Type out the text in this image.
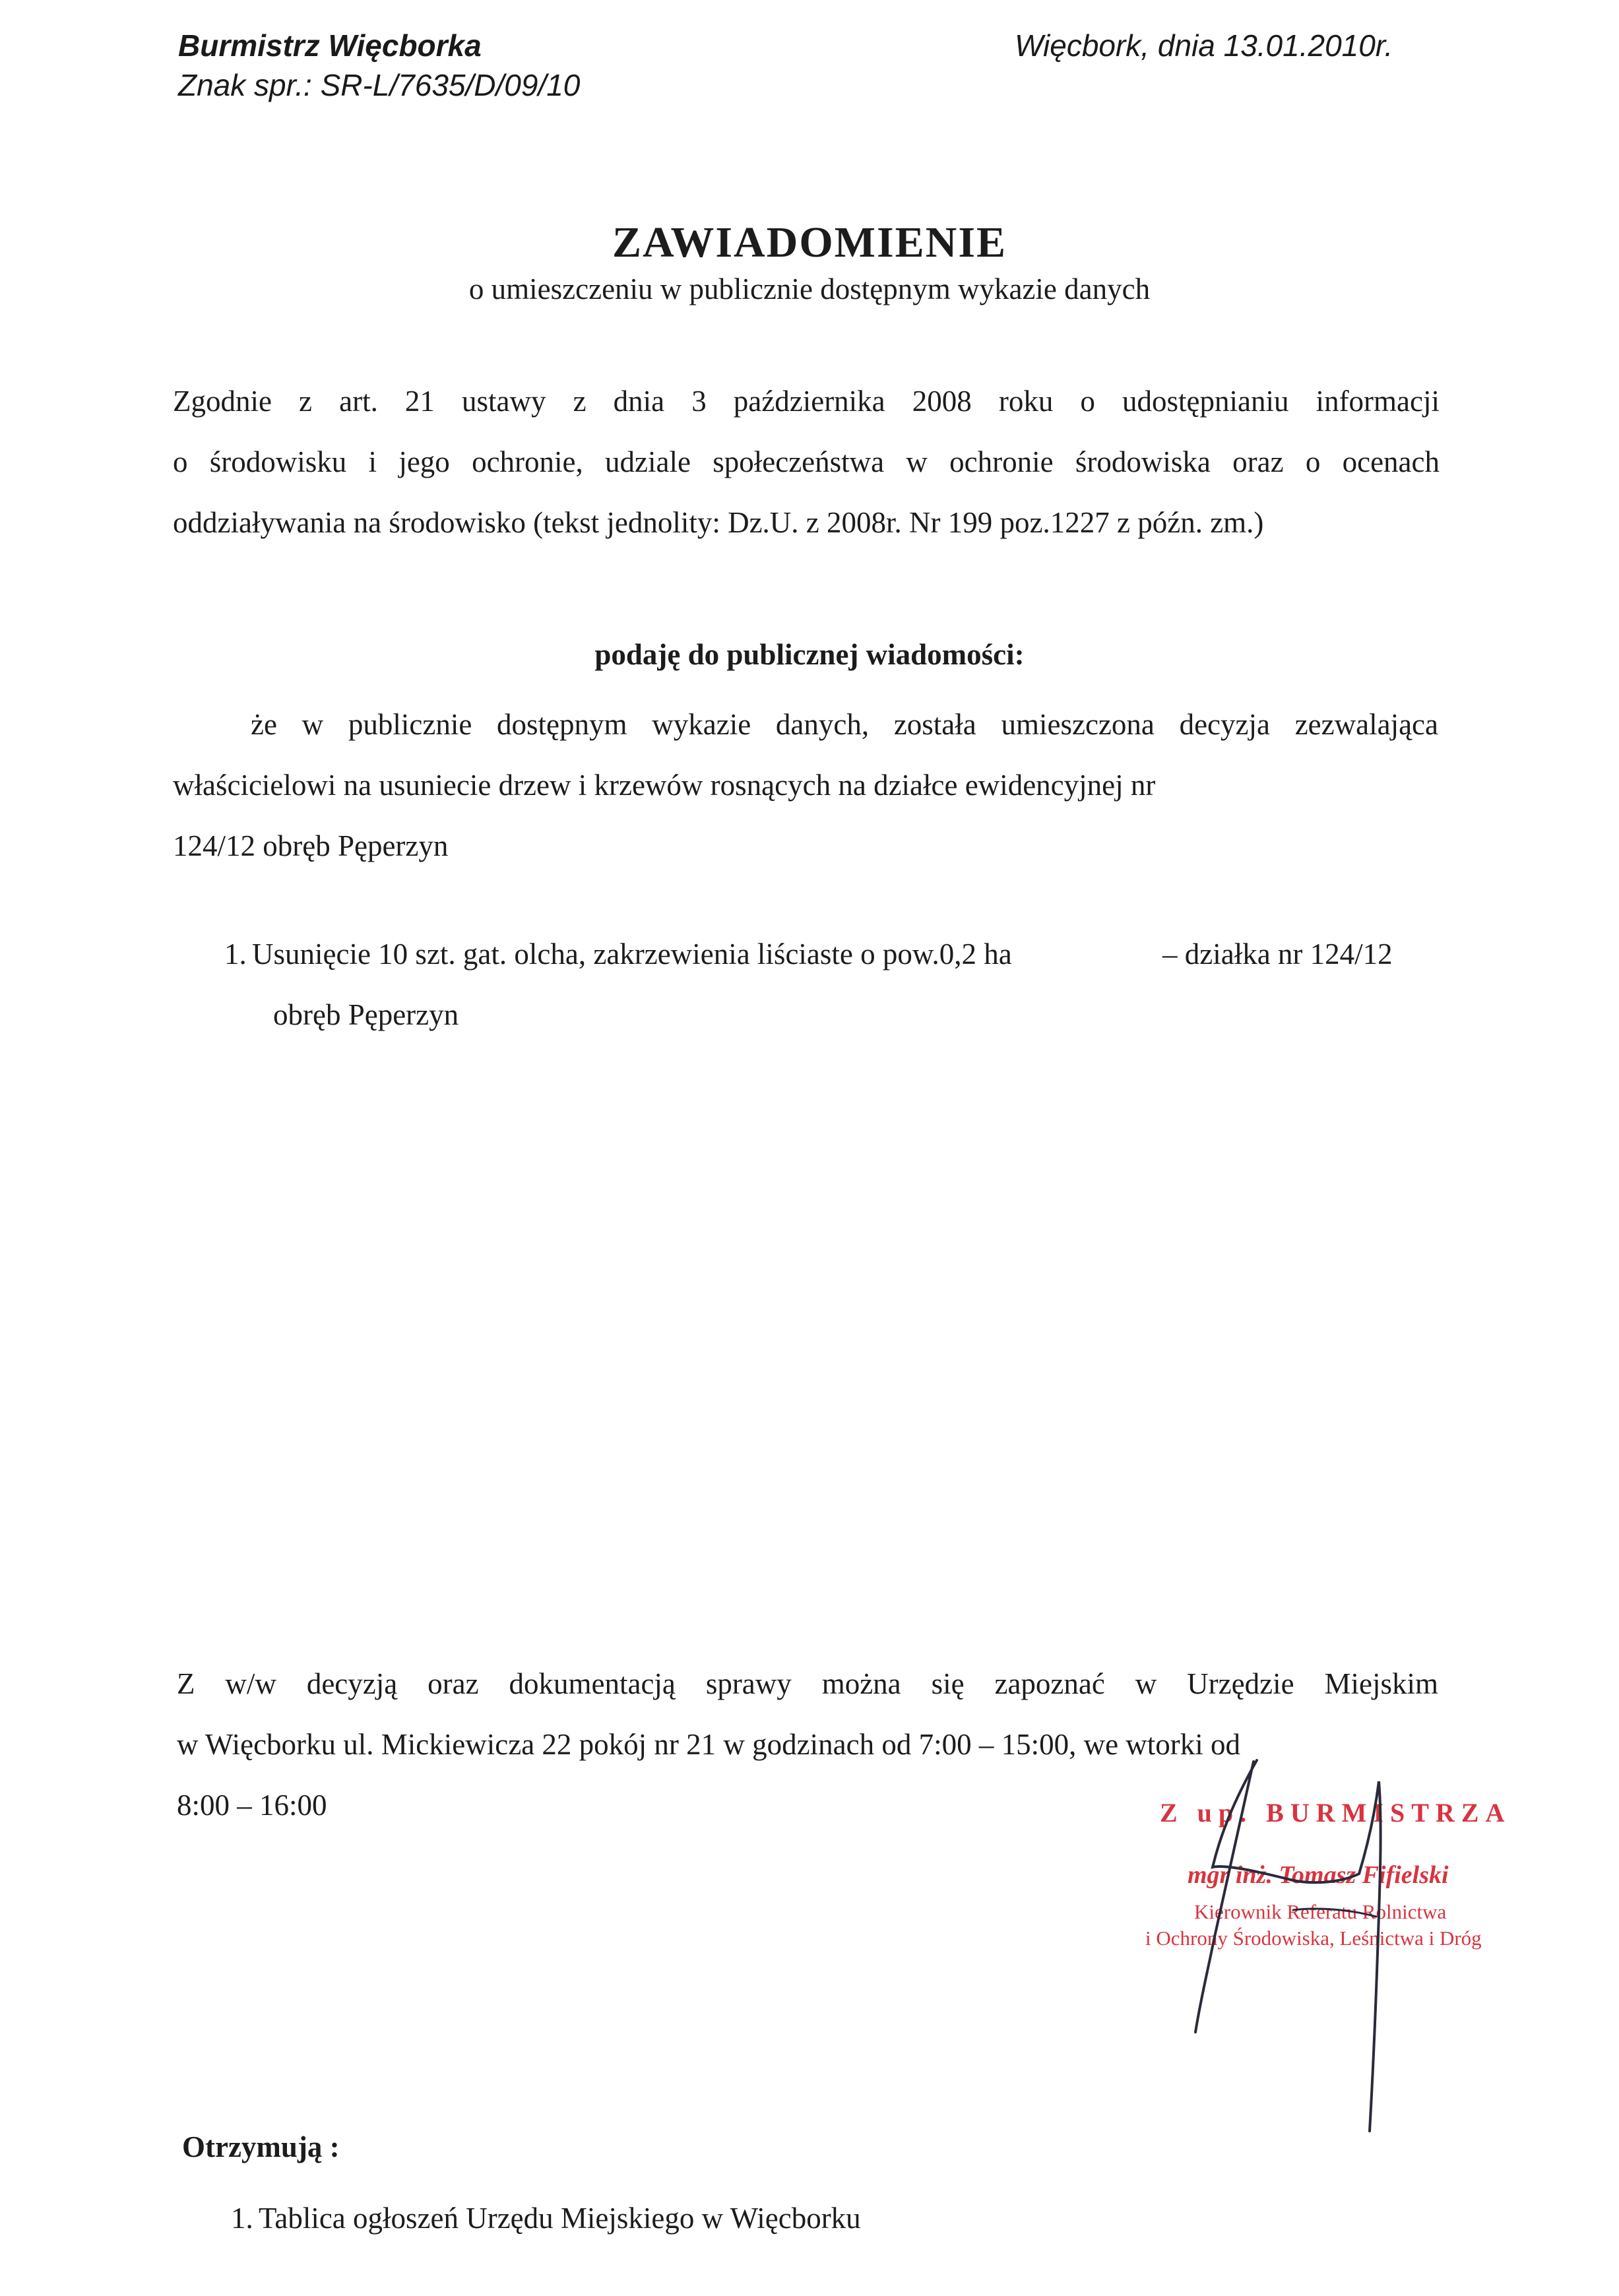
Burmistrz Więcborka
Znak spr.: SR-L/7635/D/09/10
Więcbork, dnia 13.01.2010r.
ZAWIADOMIENIE
o umieszczeniu w publicznie dostępnym wykazie danych
Zgodnie z art. 21 ustawy z dnia 3 października 2008 roku o udostępnianiu informacji
o środowisku i jego ochronie, udziale społeczeństwa w ochronie środowiska oraz o ocenach
oddziaływania na środowisko (tekst jednolity: Dz.U. z 2008r. Nr 199 poz.1227 z późn. zm.)
podaję do publicznej wiadomości:
że w publicznie dostępnym wykazie danych, została umieszczona decyzja zezwalająca
właścicielowi na usuniecie drzew i krzewów rosnących na działce ewidencyjnej nr
124/12 obręb Pęperzyn
1. Usunięcie 10 szt. gat. olcha, zakrzewienia liściaste o pow.0,2 ha	– działka nr 124/12
obręb Pęperzyn
Z w/w decyzją oraz dokumentacją sprawy można się zapoznać w Urzędzie Miejskim
w Więcborku ul. Mickiewicza 22 pokój nr 21 w godzinach od 7:00 – 15:00, we wtorki od
8:00 – 16:00	Z up. BURMISTRZA
mgr inż. Tomasz Fifielski
Kierownik Referatu Rolnictwa
i Ochrony Środowiska, Leśnictwa i Dróg
Otrzymują :
1. Tablica ogłoszeń Urzędu Miejskiego w Więcborku
